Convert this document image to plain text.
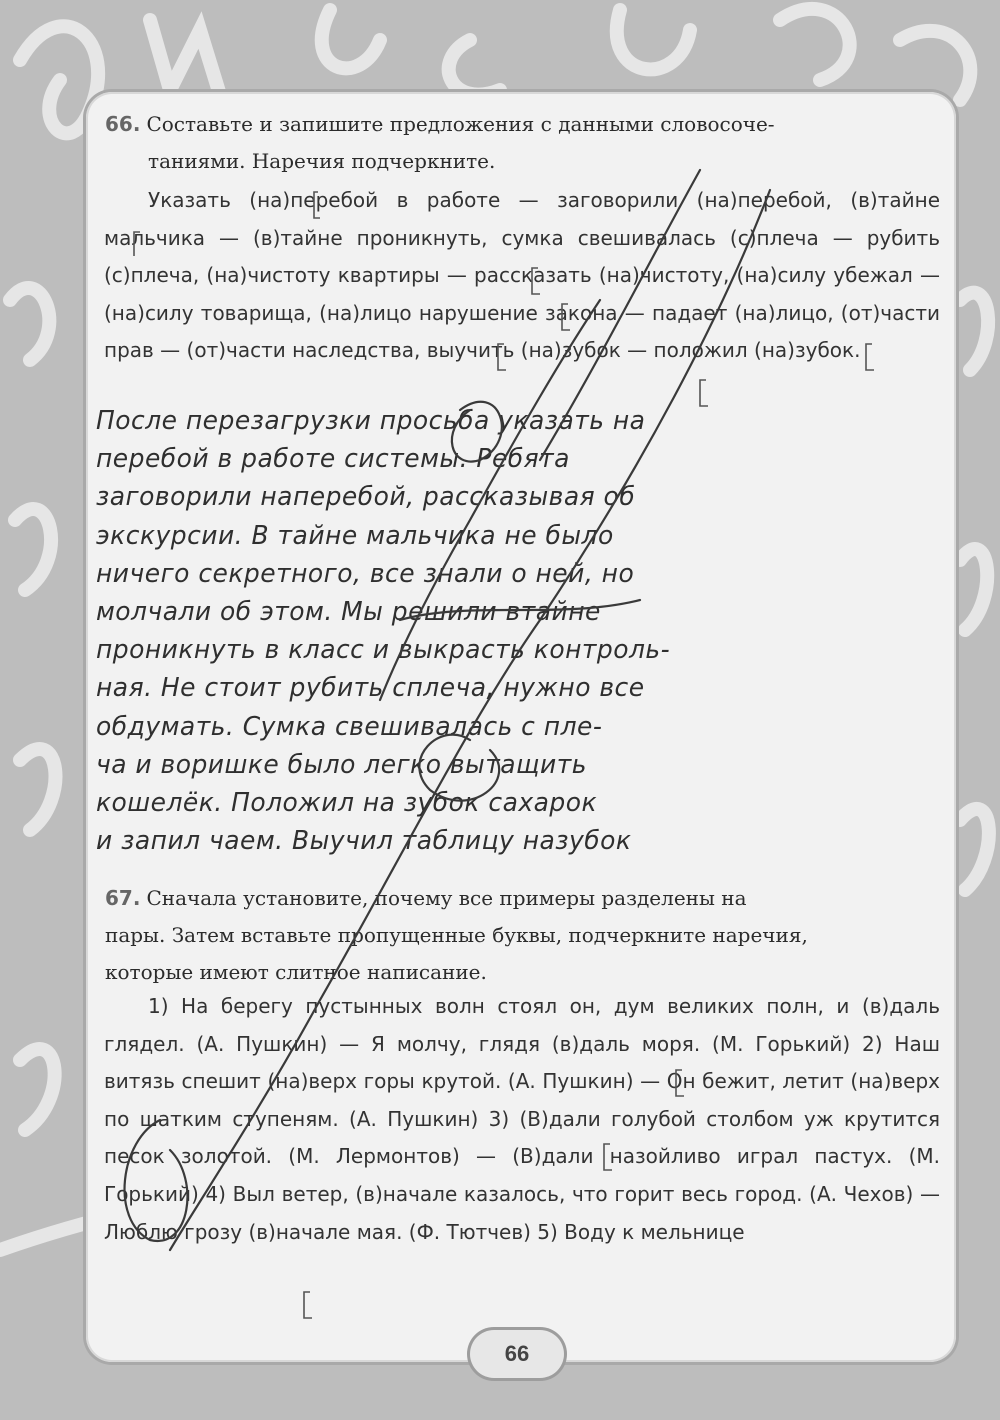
66. Составьте и запишите предложения с данными словосоче-
таниями. Наречия подчеркните.

Указать (на)перебой в работе — заговорили (на)перебой, (в)тайне мальчика — (в)тайне проникнуть, сумка свешивалась (с)плеча — рубить (с)плеча, (на)чистоту квартиры — рассказать (на)чистоту, (на)силу убежал — (на)силу товарища, (на)лицо нарушение закона — падает (на)лицо, (от)части прав — (от)части наследства, выучить (на)зубок — положил (на)зубок.

После перезагрузки просьба указать на
перебой в работе системы. Ребята
заговорили наперебой, рассказывая об
экскурсии. В тайне мальчика не было
ничего секретного, все знали о ней, но
молчали об этом. Мы решили втайне
проникнуть в класс и выкрасть контроль-
ная. Не стоит рубить сплеча, нужно все
обдумать. Сумка свешивалась с пле-
ча и воришке было легко вытащить
кошелёк. Положил на зубок сахарок
и запил чаем. Выучил таблицу назубок
67. Сначала установите, почему все примеры разделены на
пары. Затем вставьте пропущенные буквы, подчеркните наречия,
которые имеют слитное написание.

1) На берегу пустынных волн стоял он, дум великих полн, и (в)даль глядел. (А. Пушкин) — Я молчу, глядя (в)даль моря. (М. Горький) 2) Наш витязь спешит (на)верх горы крутой. (А. Пушкин) — Он бежит, летит (на)верх по шатким ступеням. (А. Пушкин) 3) (В)дали голубой столбом уж крутится песок золотой. (М. Лермонтов) — (В)дали назойливо играл пастух. (М. Горький) 4) Выл ветер, (в)начале казалось, что горит весь город. (А. Чехов) — Люблю грозу (в)начале мая. (Ф. Тютчев) 5) Воду к мельнице

66
